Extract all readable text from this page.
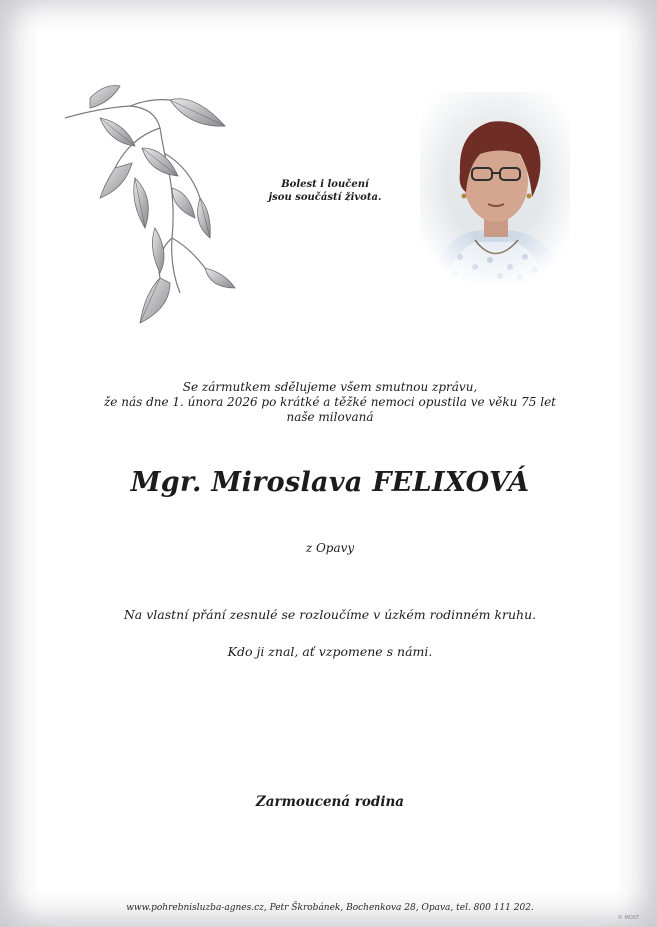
Bolest i loučení
jsou součástí života.
Se zármutkem sdělujeme všem smutnou zprávu,
že nás dne 1. února 2026 po krátké a těžké nemoci opustila ve věku 75 let
naše milovaná
Mgr. Miroslava FELIXOVÁ
z Opavy
Na vlastní přání zesnulé se rozloučíme v úzkém rodinném kruhu.
Kdo ji znal, ať vzpomene s námi.
Zarmoucená rodina
www.pohrebnisluzba-agnes.cz, Petr Škrobánek, Bochenkova 28, Opava, tel. 800 111 202.
© MOST
